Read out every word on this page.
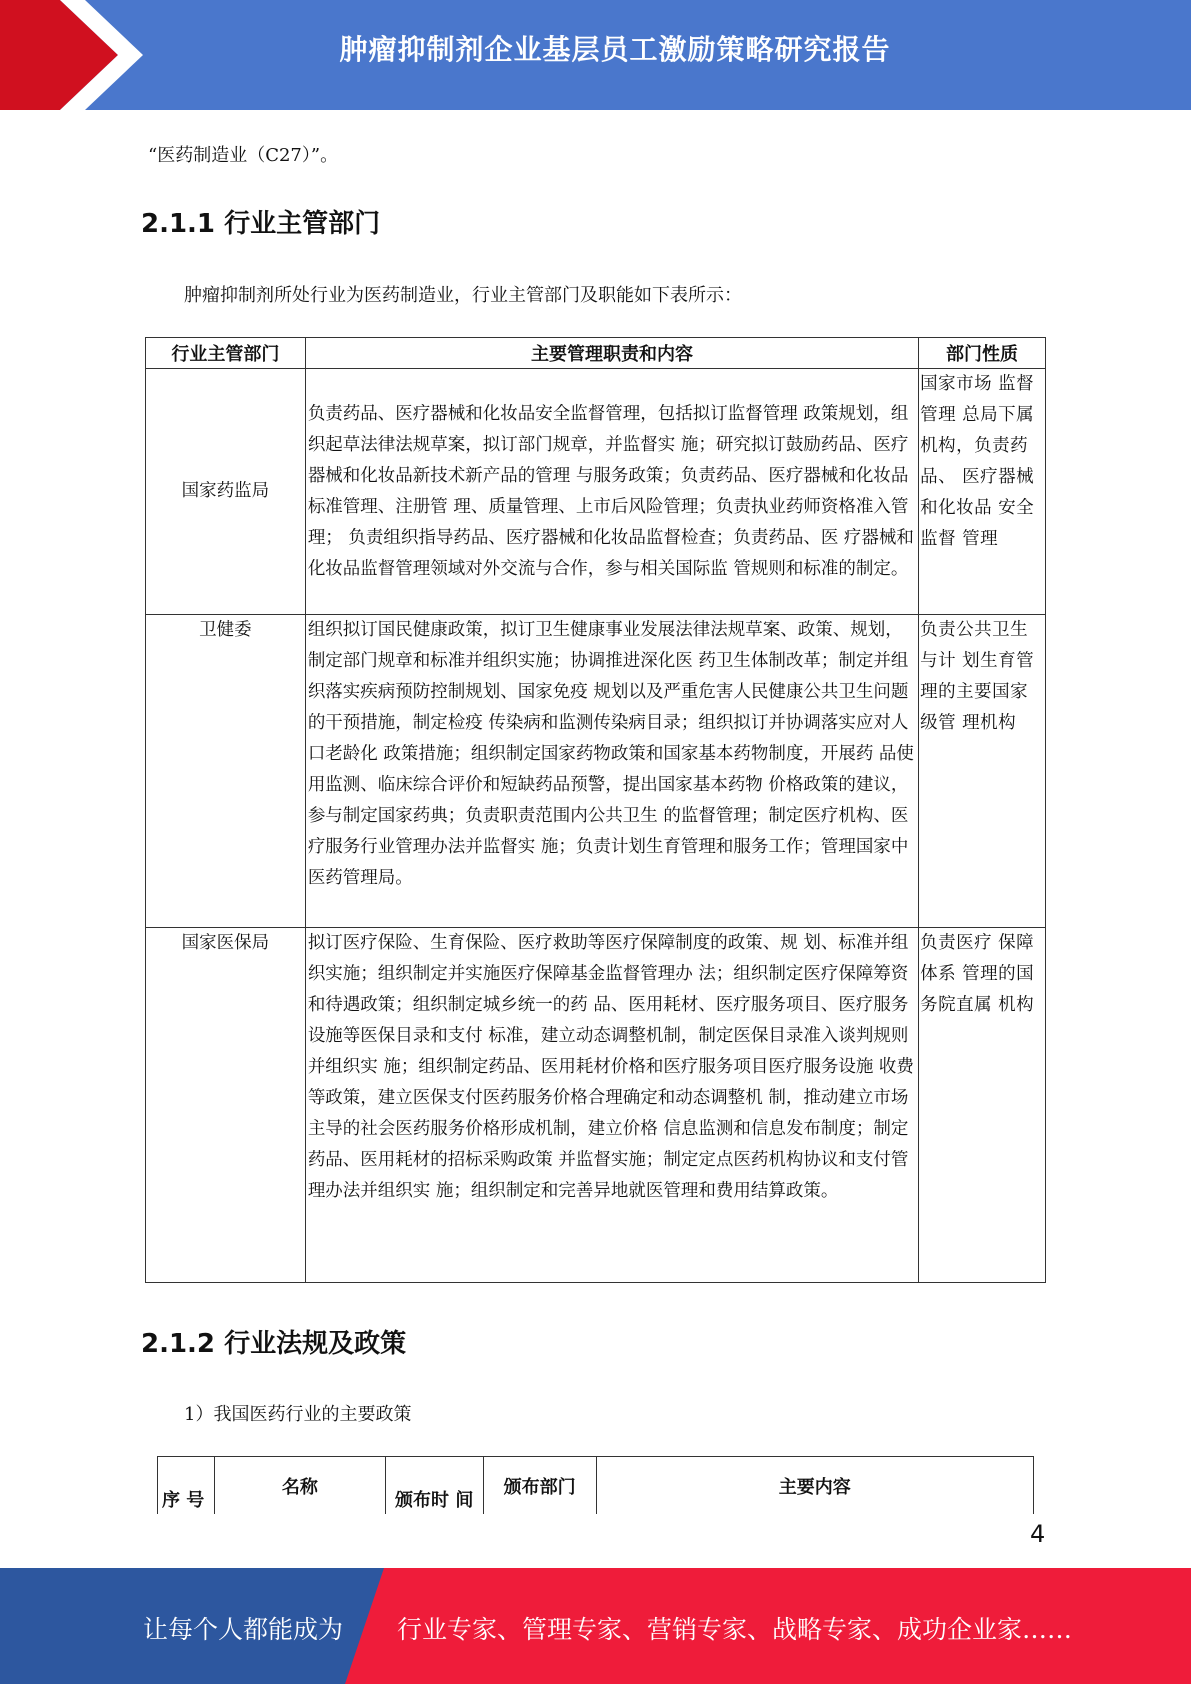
肿瘤抑制剂企业基层员工激励策略研究报告
“医药制造业（C27）”。
2.1.1 行业主管部门
肿瘤抑制剂所处行业为医药制造业，行业主管部门及职能如下表所示：
行业主管部门	主要管理职责和内容	部门性质
国家药监局	负责药品、医疗器械和化妆品安全监督管理，包括拟订监督管理 政策规划，组织起草法律法规草案，拟订部门规章，并监督实 施；研究拟订鼓励药品、医疗器械和化妆品新技术新产品的管理 与服务政策；负责药品、医疗器械和化妆品标准管理、注册管 理、质量管理、上市后风险管理；负责执业药师资格准入管理； 负责组织指导药品、医疗器械和化妆品监督检查；负责药品、医 疗器械和化妆品监督管理领域对外交流与合作，参与相关国际监 管规则和标准的制定。	国家市场 监督管理 总局下属 机构，负责药品、 医疗器械 和化妆品 安全监督 管理
卫健委	组织拟订国民健康政策，拟订卫生健康事业发展法律法规草案、政策、规划，制定部门规章和标准并组织实施；协调推进深化医 药卫生体制改革；制定并组织落实疾病预防控制规划、国家免疫 规划以及严重危害人民健康公共卫生问题的干预措施，制定检疫 传染病和监测传染病目录；组织拟订并协调落实应对人口老龄化 政策措施；组织制定国家药物政策和国家基本药物制度，开展药 品使用监测、临床综合评价和短缺药品预警，提出国家基本药物 价格政策的建议，参与制定国家药典；负责职责范围内公共卫生 的监督管理；制定医疗机构、医疗服务行业管理办法并监督实 施；负责计划生育管理和服务工作；管理国家中医药管理局。	负责公共卫生与计 划生育管 理的主要国家级管 理机构
国家医保局	拟订医疗保险、生育保险、医疗救助等医疗保障制度的政策、规 划、标准并组织实施；组织制定并实施医疗保障基金监督管理办 法；组织制定医疗保障筹资和待遇政策；组织制定城乡统一的药 品、医用耗材、医疗服务项目、医疗服务设施等医保目录和支付 标准，建立动态调整机制，制定医保目录准入谈判规则并组织实 施；组织制定药品、医用耗材价格和医疗服务项目医疗服务设施 收费等政策，建立医保支付医药服务价格合理确定和动态调整机 制，推动建立市场主导的社会医药服务价格形成机制，建立价格 信息监测和信息发布制度；制定药品、医用耗材的招标采购政策 并监督实施；制定定点医药机构协议和支付管理办法并组织实 施；组织制定和完善异地就医管理和费用结算政策。	负责医疗 保障体系 管理的国 务院直属 机构
2.1.2 行业法规及政策
1）我国医药行业的主要政策
序 号	名称	颁布时 间	颁布部门	主要内容
4
让每个人都能成为 行业专家、管理专家、营销专家、战略专家、成功企业家……
